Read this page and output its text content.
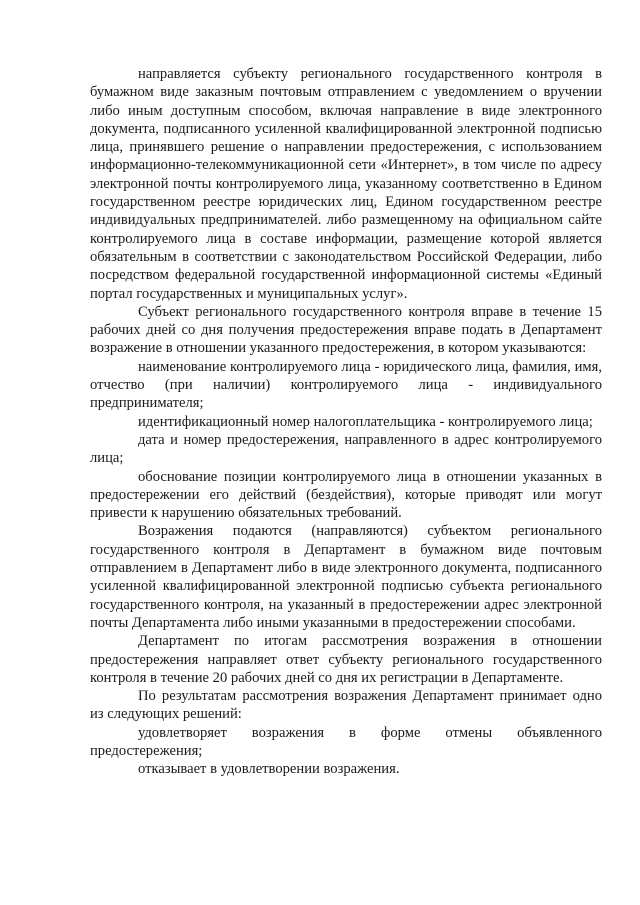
направляется субъекту регионального государственного контроля в бумажном виде заказным почтовым отправлением с уведомлением о вручении либо иным доступным способом, включая направление в виде электронного документа, подписанного усиленной квалифицированной электронной подписью лица, принявшего решение о направлении предостережения, с использованием информационно-телекоммуникационной сети «Интернет», в том числе по адресу электронной почты контролируемого лица, указанному соответственно в Едином государственном реестре юридических лиц, Едином государственном реестре индивидуальных предпринимателей. либо размещенному на официальном сайте контролируемого лица в составе информации, размещение которой является обязательным в соответствии с законодательством Российской Федерации, либо посредством федеральной государственной информационной системы «Единый портал государственных и муниципальных услуг».

Субъект регионального государственного контроля вправе в течение 15 рабочих дней со дня получения предостережения вправе подать в Департамент возражение в отношении указанного предостережения, в котором указываются:

наименование контролируемого лица - юридического лица, фамилия, имя, отчество (при наличии) контролируемого лица - индивидуального предпринимателя;

идентификационный номер налогоплательщика - контролируемого лица;

дата и номер предостережения, направленного в адрес контролируемого лица;

обоснование позиции контролируемого лица в отношении указанных в предостережении его действий (бездействия), которые приводят или могут привести к нарушению обязательных требований.

Возражения подаются (направляются) субъектом регионального государственного контроля в Департамент в бумажном виде почтовым отправлением в Департамент либо в виде электронного документа, подписанного усиленной квалифицированной электронной подписью субъекта регионального государственного контроля, на указанный в предостережении адрес электронной почты Департамента либо иными указанными в предостережении способами.

Департамент по итогам рассмотрения возражения в отношении предостережения направляет ответ субъекту регионального государственного контроля в течение 20 рабочих дней со дня их регистрации в Департаменте.

По результатам рассмотрения возражения Департамент принимает одно из следующих решений:

удовлетворяет возражения в форме отмены объявленного предостережения;

отказывает в удовлетворении возражения.
